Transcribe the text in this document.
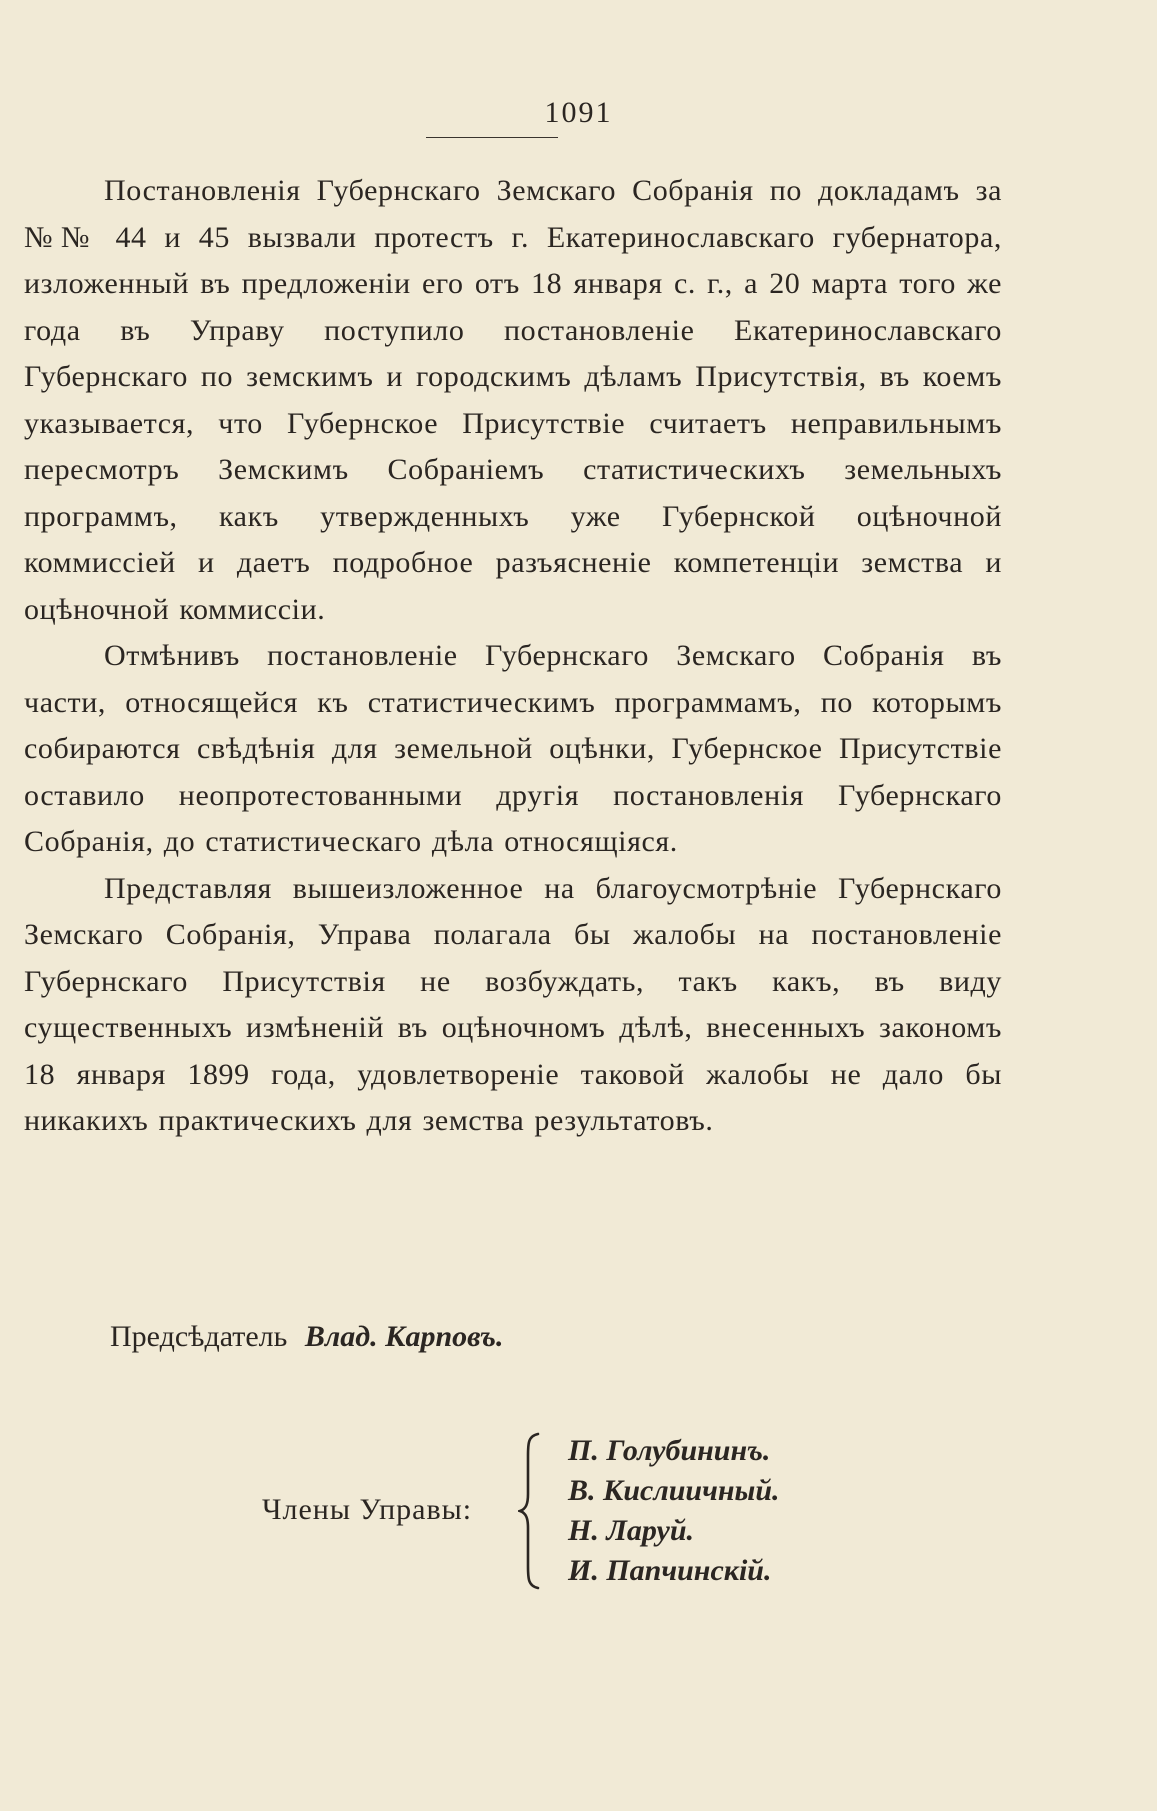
1091

Постановленія Губернскаго Земскаго Собранія по докладамъ за №№ 44 и 45 вызвали протестъ г. Екатеринославскаго губернатора, изложенный въ предложеніи его отъ 18 января с. г., а 20 марта того же года въ Управу поступило постановленіе Екатеринославскаго Губернскаго по земскимъ и городскимъ дѣламъ Присутствія, въ коемъ указывается, что Губернское Присутствіе считаетъ неправильнымъ пересмотръ Земскимъ Собраніемъ статистическихъ земельныхъ программъ, какъ утвержденныхъ уже Губернской оцѣночной коммиссіей и даетъ подробное разъясненіе компетенціи земства и оцѣночной коммиссіи.

Отмѣнивъ постановленіе Губернскаго Земскаго Собранія въ части, относящейся къ статистическимъ программамъ, по которымъ собираются свѣдѣнія для земельной оцѣнки, Губернское Присутствіе оставило неопротестованными другія постановленія Губернскаго Собранія, до статистическаго дѣла относящіяся.

Представляя вышеизложенное на благоусмотрѣніе Губернскаго Земскаго Собранія, Управа полагала бы жалобы на постановленіе Губернскаго Присутствія не возбуждать, такъ какъ, въ виду существенныхъ измѣненій въ оцѣночномъ дѣлѣ, внесенныхъ закономъ 18 января 1899 года, удовлетвореніе таковой жалобы не дало бы никакихъ практическихъ для земства результатовъ.

Предсѣдатель Влад. Карповъ.
Члены Управы:
П. Голубининъ.
В. Кислиичный.
Н. Ларуй.
И. Папчинскій.
